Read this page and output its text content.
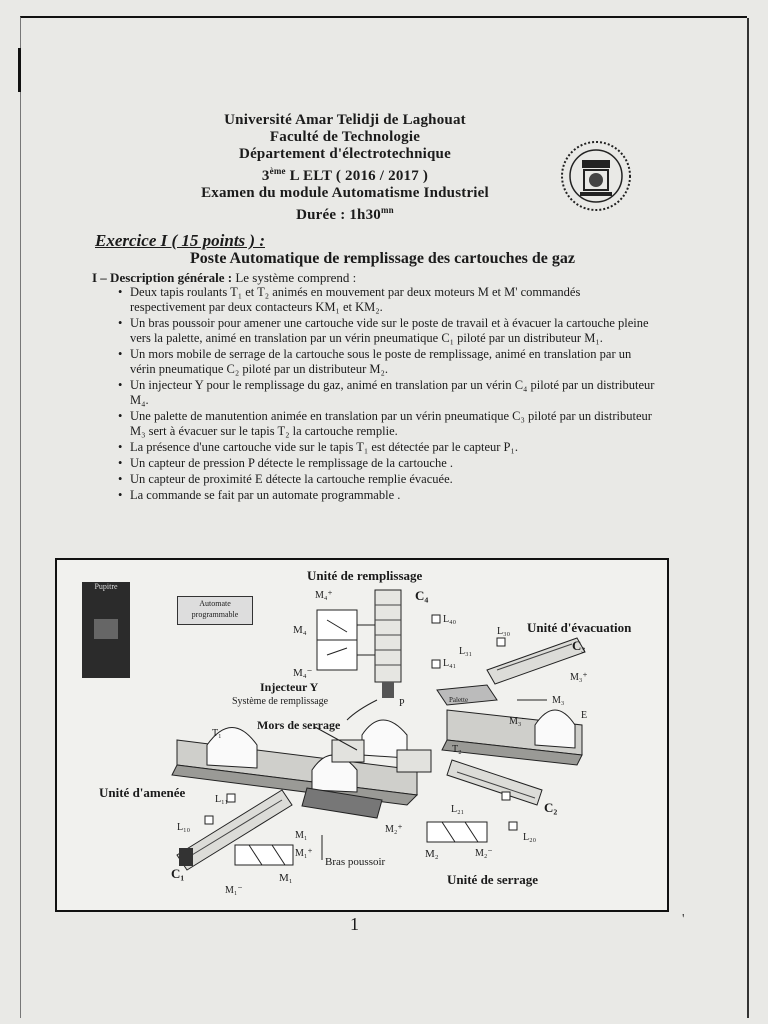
Université Amar Telidji de Laghouat
Faculté de Technologie
Département d'électrotechnique
3ème L ELT ( 2016 / 2017 )
Examen du module Automatisme Industriel
Durée : $1h30^{mn}$
Exercice I ( 15 points ) :
Poste Automatique de remplissage des cartouches de gaz
I – Description générale : Le système comprend :
• Deux tapis roulants T₁ et T₂ animés en mouvement par deux moteurs M et M' commandés respectivement par deux contacteurs KM₁ et KM₂.
• Un bras poussoir pour amener une cartouche vide sur le poste de travail et à évacuer la cartouche pleine vers la palette, animé en translation par un vérin pneumatique C₁ piloté par un distributeur M₁.
• Un mors mobile de serrage de la cartouche sous le poste de remplissage, animé en translation par un vérin pneumatique C₂ piloté par un distributeur M₂.
• Un injecteur Y pour le remplissage du gaz, animé en translation par un vérin C₄ piloté par un distributeur M₄.
• Une palette de manutention animée en translation par un vérin pneumatique C₃ piloté par un distributeur M₃ sert à évacuer sur le tapis T₂ la cartouche remplie.
• La présence d'une cartouche vide sur le tapis T₁ est détectée par le capteur P₁.
• Un capteur de pression P détecte le remplissage de la cartouche .
• Un capteur de proximité E détecte la cartouche remplie évacuée.
• La commande se fait par un automate programmable .
Pupitre
Automate programmable
Unité de remplissage
Unité d'évacuation
Unité d'amenée
Unité de serrage
Injecteur Y
Système de remplissage
Mors de serrage
Bras poussoir
Palette
M₄⁺
M₄
M₄⁻
C₄
L₄₀
L₄₁
L₃₀
L₃₁	C₃
M₃⁺
M₃
M₃⁻
E
P
T₁
T₂
L₁₁
L₁₀
M₁
M₁⁺
M₁
M₁⁻
C₁
L₂₁
L₂₀
C₂
M₂⁺
M₂	M₂⁻
1	'
